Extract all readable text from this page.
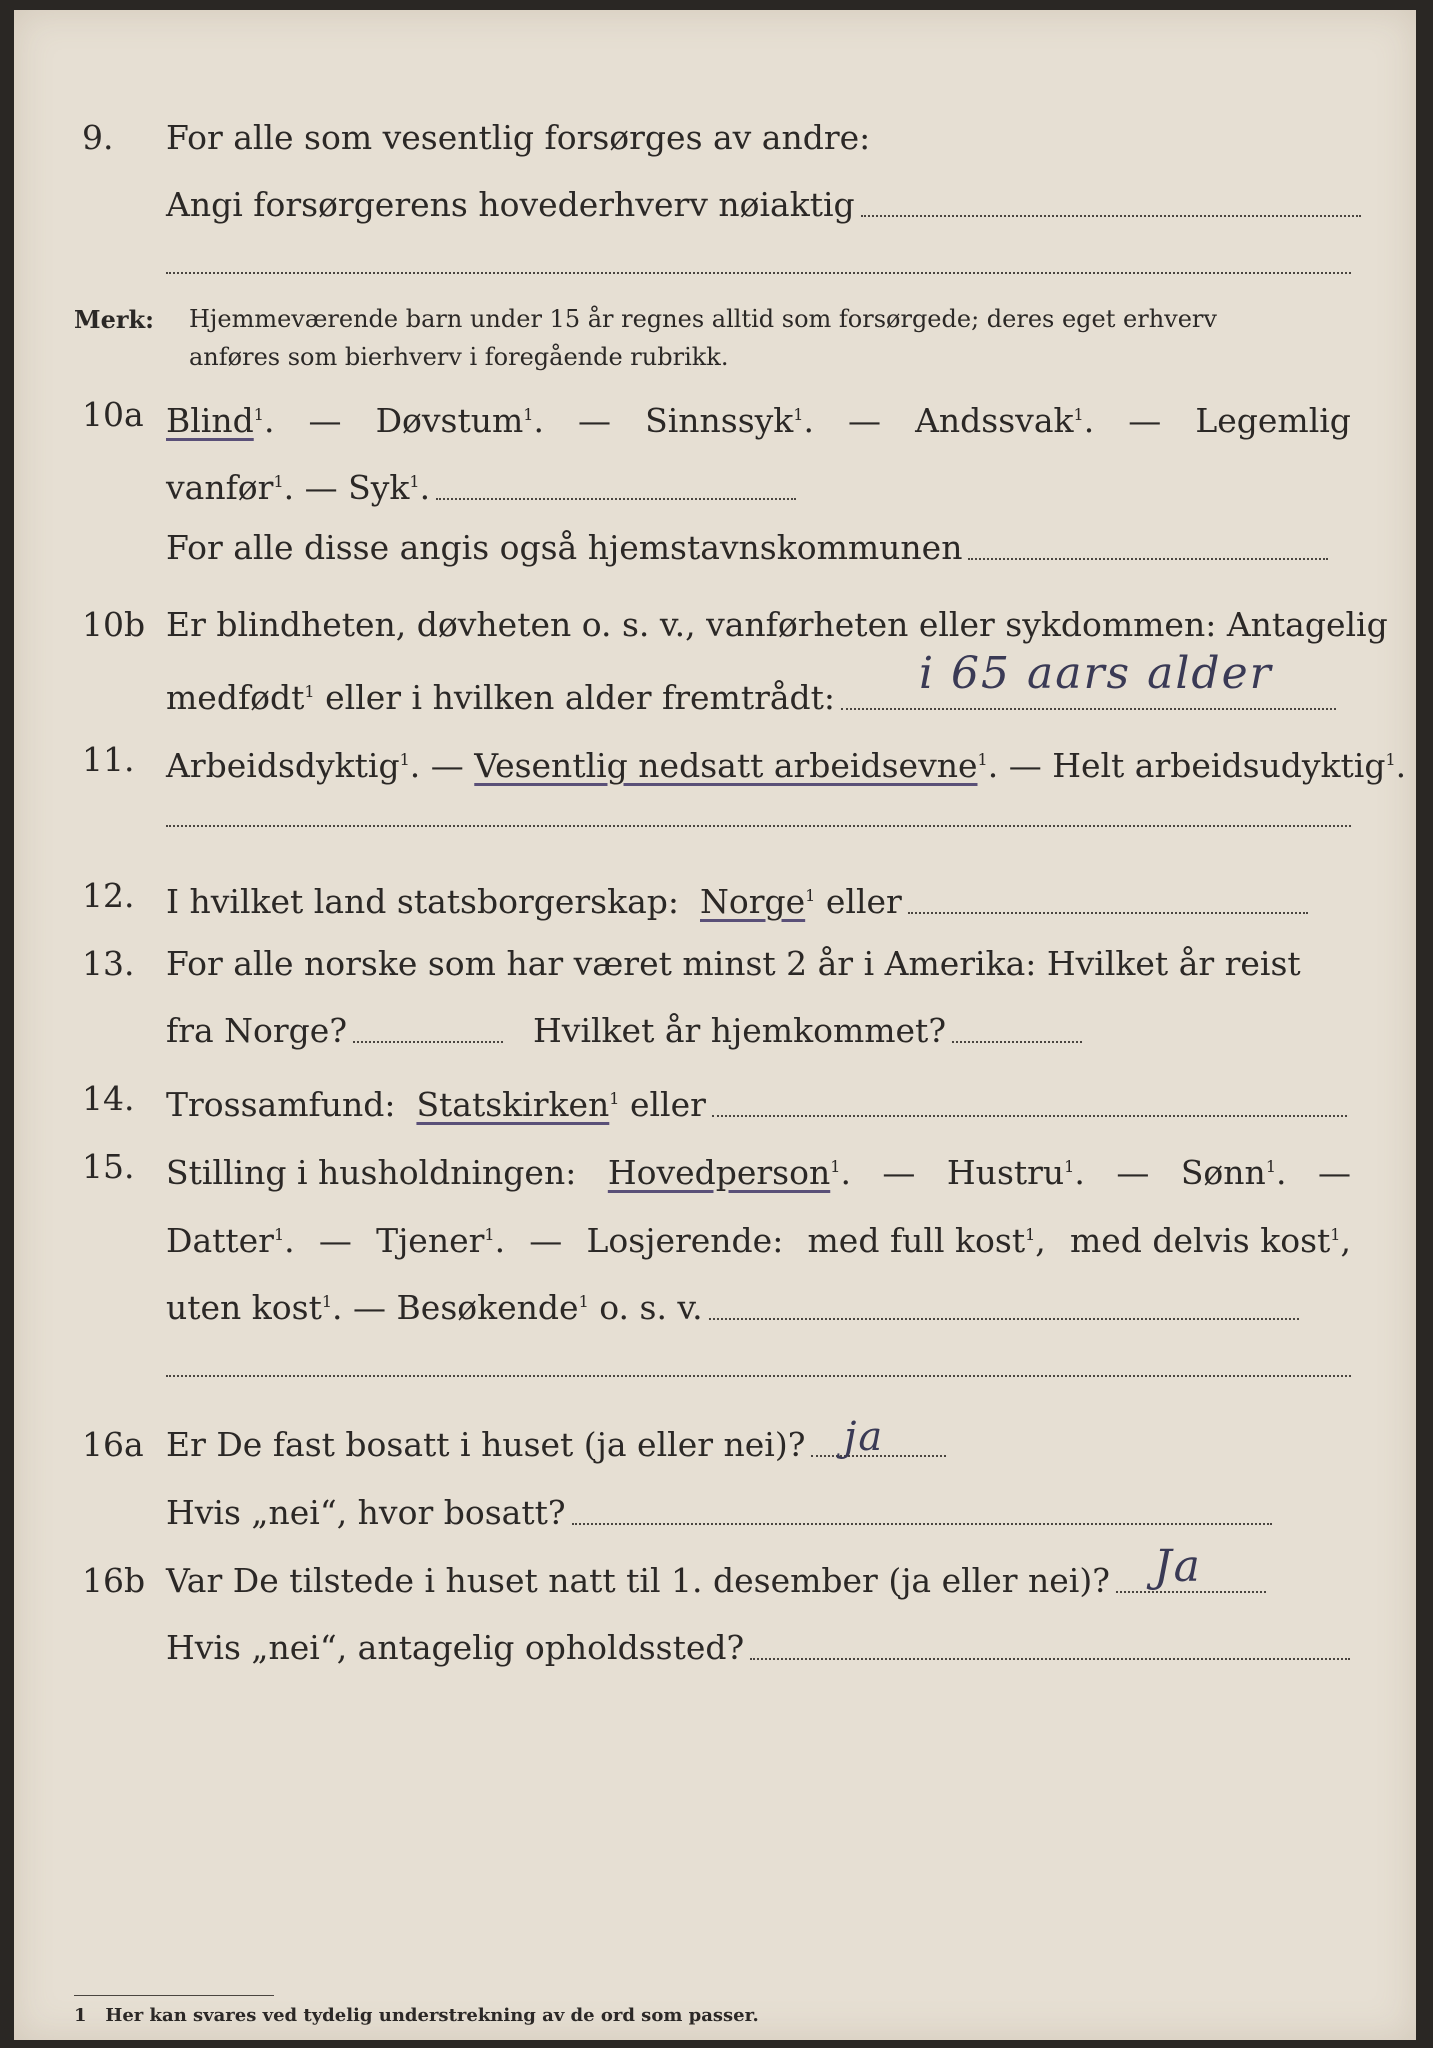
9. For alle som vesentlig forsørges av andre:
Angi forsørgerens hovederhverv nøiaktig
Merk: Hjemmeværende barn under 15 år regnes alltid som forsørgede; deres eget erhverv
anføres som bierhverv i foregående rubrikk.
10a Blind$^1$. — Døvstum$^1$. — Sinnssyk$^1$. — Andssvak$^1$. — Legemlig
vanfør$^1$.
—
Syk$^1$.
For alle disse angis også hjemstavnskommunen
10b Er blindheten, døvheten o. s. v., vanførheten eller sykdommen: Antagelig
medfødt$^1$
eller i hvilken alder fremtrådt: i 65 aars alder
11. Arbeidsdyktig$^1$.
—
Vesentlig nedsatt arbeidsevne$^1$.
—
Helt arbeidsudyktig$^1$.
12. I hvilket land statsborgerskap:
Norge$^1$
eller
13. For alle norske som har været minst 2 år i Amerika: Hvilket år reist
fra Norge?	Hvilket år hjemkommet?
14. Trossamfund:
Statskirken$^1$
eller
15. Stilling i husholdningen: Hovedperson$^1$. — Hustru$^1$. — Sønn$^1$. —
Datter$^1$. — Tjener$^1$. — Losjerende: med full kost$^1$, med delvis kost$^1$,
uten kost$^1$.
—
Besøkende$^1$
o. s. v.
16a Er De fast bosatt i huset (ja eller nei)? ja
Hvis „nei“, hvor bosatt?
16b Var De tilstede i huset natt til 1. desember (ja eller nei)? Ja
Hvis „nei“, antagelig opholdssted?
1 Her kan svares ved tydelig understrekning av de ord som passer.
